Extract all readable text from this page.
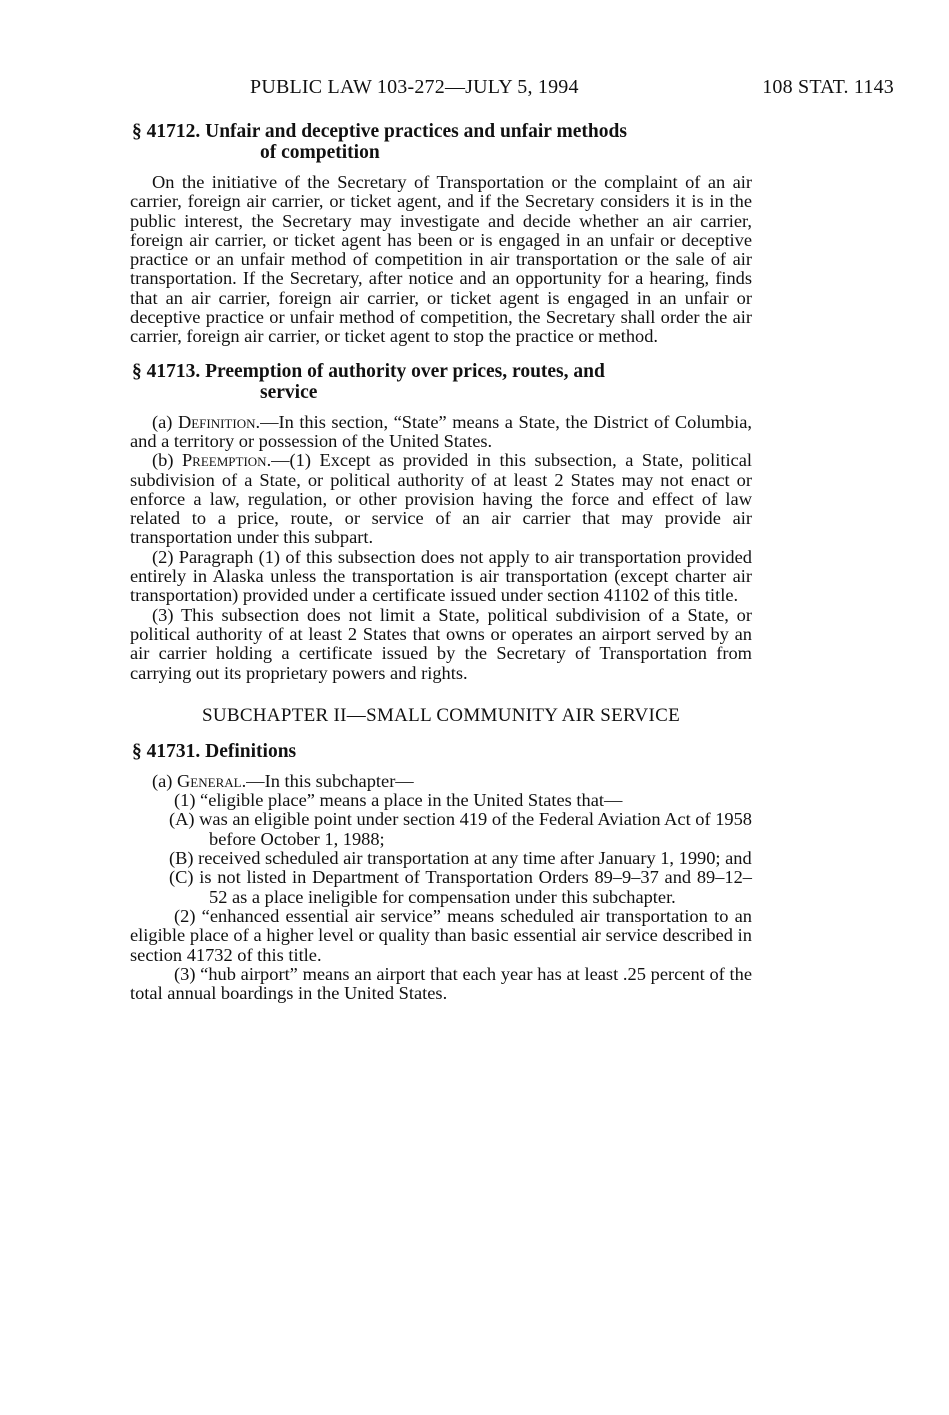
PUBLIC LAW 103-272—JULY 5, 1994	108 STAT. 1143
§ 41712. Unfair and deceptive practices and unfair methods
of competition

On the initiative of the Secretary of Transportation or the complaint of an air carrier, foreign air carrier, or ticket agent, and if the Secretary considers it is in the public interest, the Secretary may investigate and decide whether an air carrier, foreign air carrier, or ticket agent has been or is engaged in an unfair or deceptive practice or an unfair method of competition in air transportation or the sale of air transportation. If the Secretary, after notice and an opportunity for a hearing, finds that an air carrier, foreign air carrier, or ticket agent is engaged in an unfair or deceptive practice or unfair method of competition, the Secretary shall order the air carrier, foreign air carrier, or ticket agent to stop the practice or method.

§ 41713. Preemption of authority over prices, routes, and
service

(a) Definition.—In this section, “State” means a State, the District of Columbia, and a territory or possession of the United States.

(b) Preemption.—(1) Except as provided in this subsection, a State, political subdivision of a State, or political authority of at least 2 States may not enact or enforce a law, regulation, or other provision having the force and effect of law related to a price, route, or service of an air carrier that may provide air transportation under this subpart.

(2) Paragraph (1) of this subsection does not apply to air transportation provided entirely in Alaska unless the transportation is air transportation (except charter air transportation) provided under a certificate issued under section 41102 of this title.

(3) This subsection does not limit a State, political subdivision of a State, or political authority of at least 2 States that owns or operates an airport served by an air carrier holding a certificate issued by the Secretary of Transportation from carrying out its proprietary powers and rights.

SUBCHAPTER II—SMALL COMMUNITY AIR SERVICE
§ 41731. Definitions

(a) General.—In this subchapter—

(1) “eligible place” means a place in the United States that—

(A) was an eligible point under section 419 of the Federal Aviation Act of 1958 before October 1, 1988;

(B) received scheduled air transportation at any time after January 1, 1990; and

(C) is not listed in Department of Transportation Orders 89–9–37 and 89–12–52 as a place ineligible for compensation under this subchapter.

(2) “enhanced essential air service” means scheduled air transportation to an eligible place of a higher level or quality than basic essential air service described in section 41732 of this title.

(3) “hub airport” means an airport that each year has at least .25 percent of the total annual boardings in the United States.
